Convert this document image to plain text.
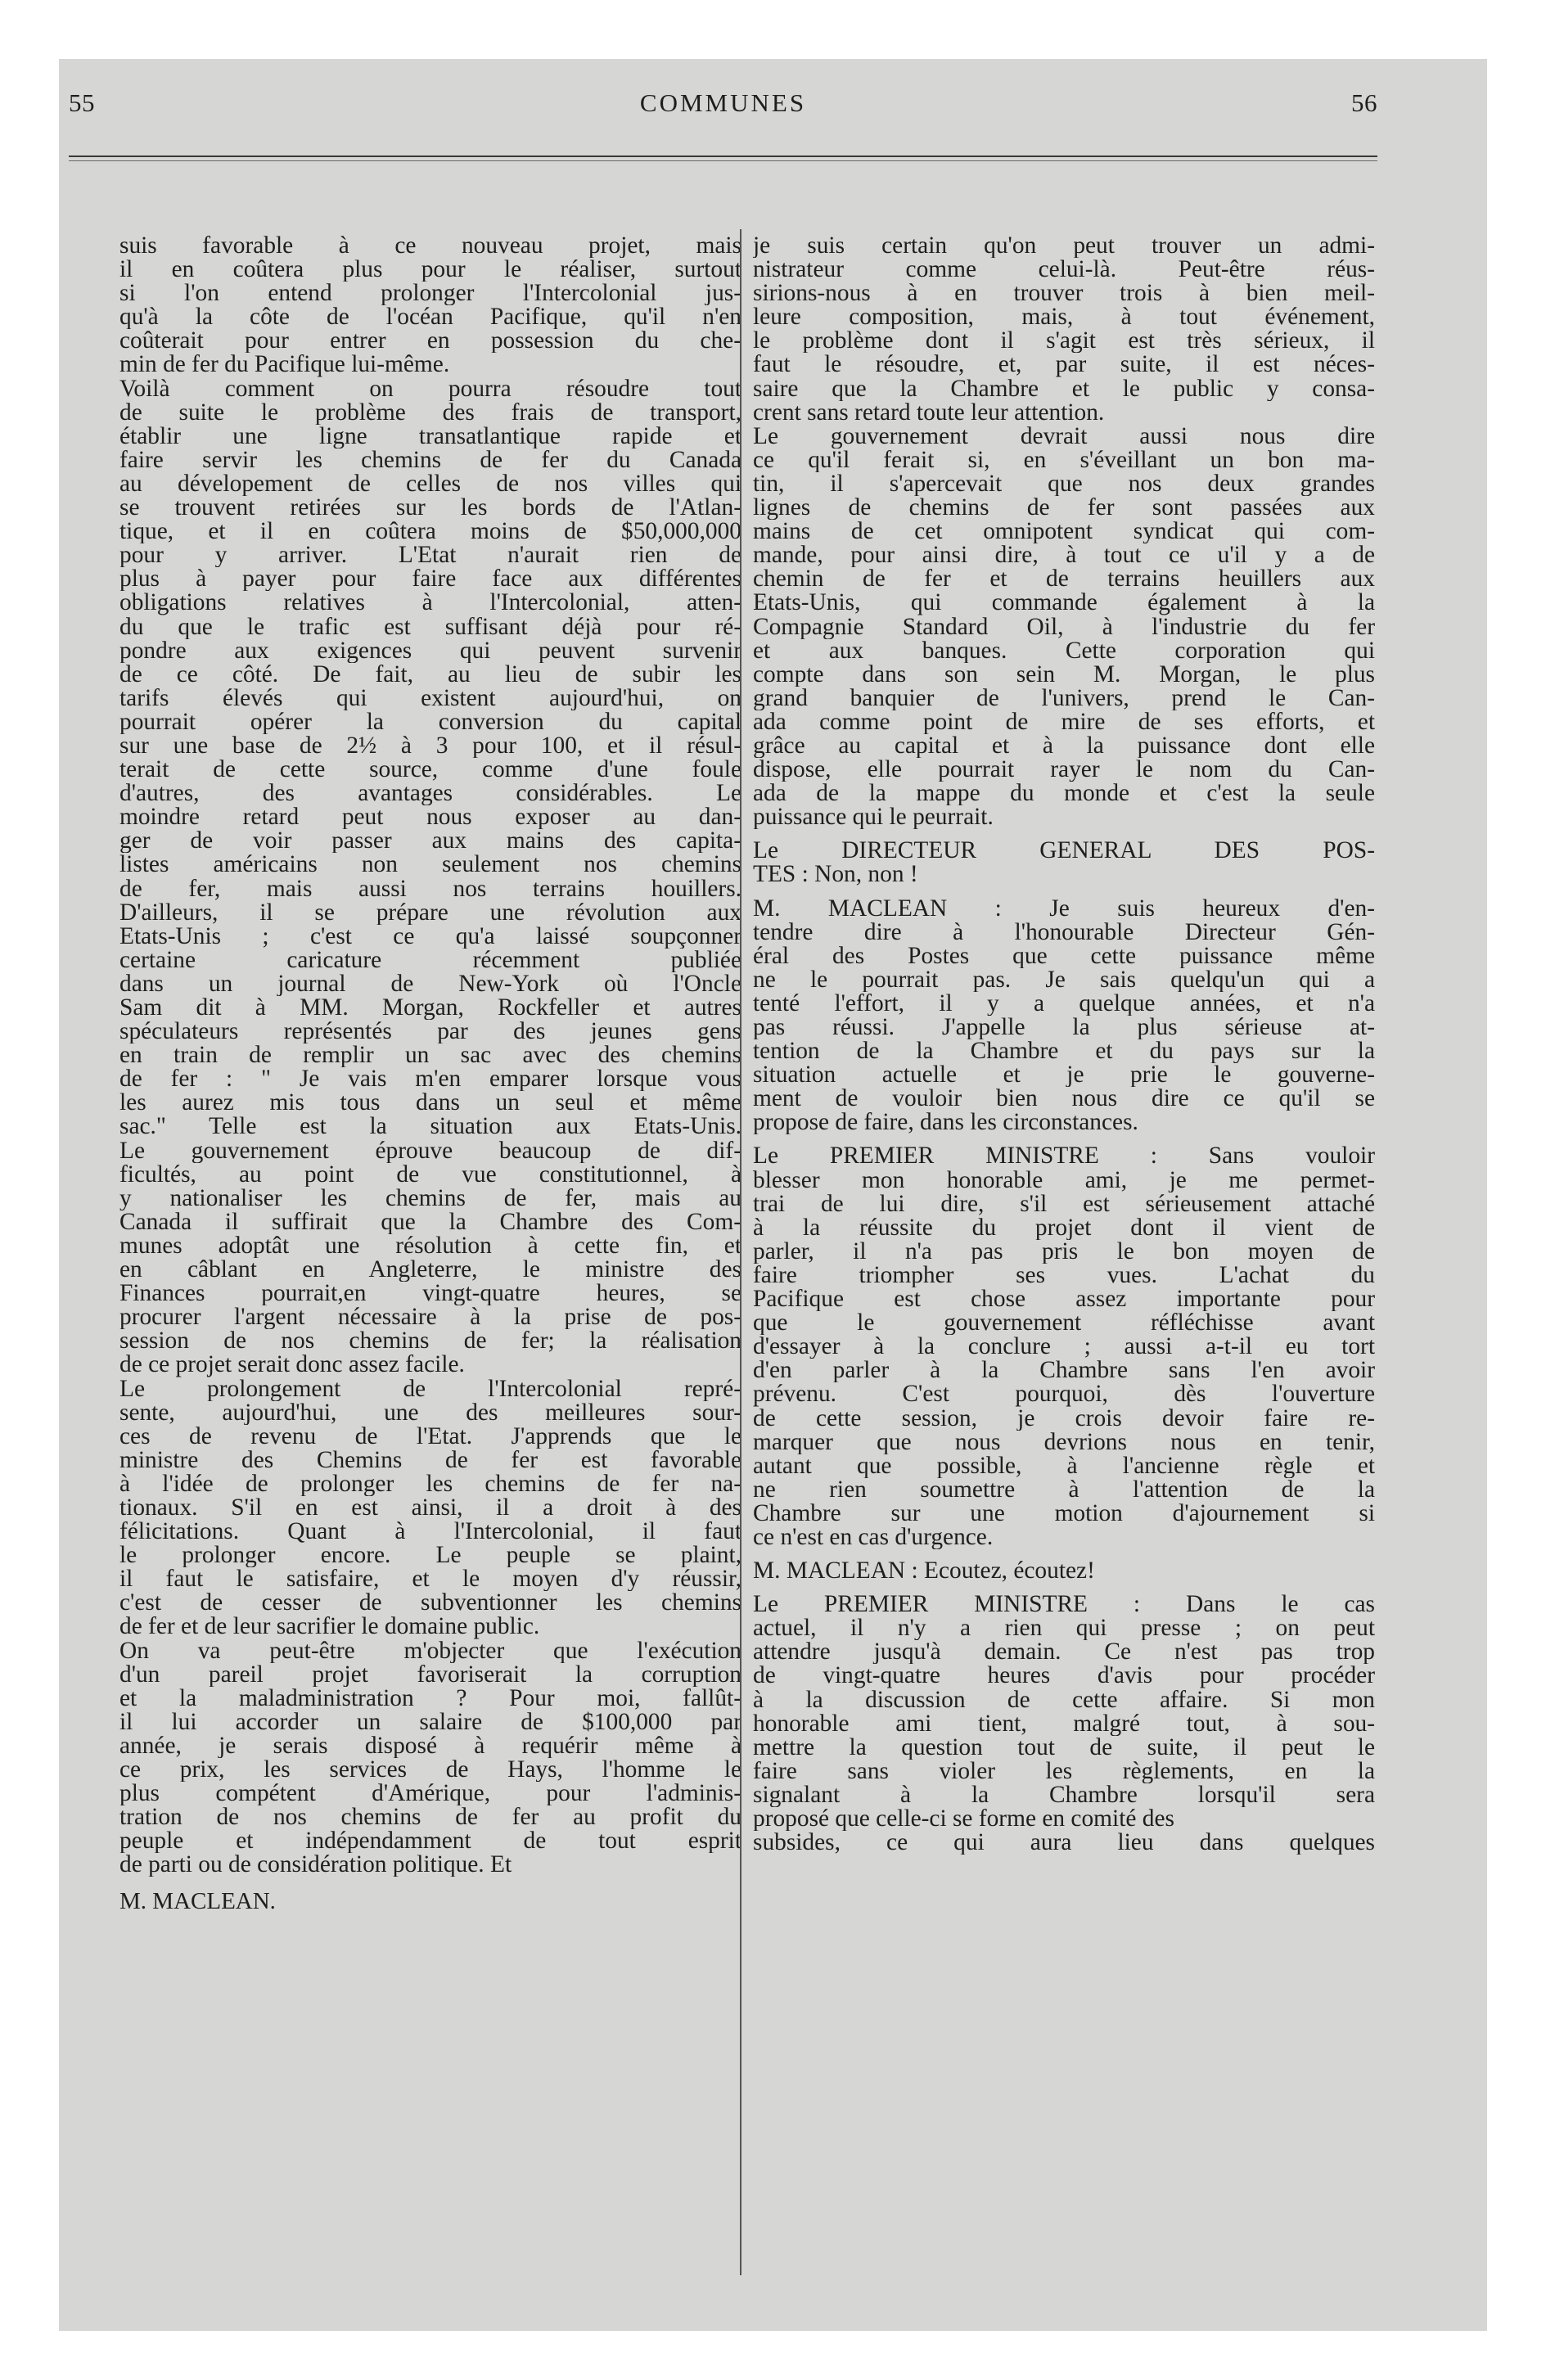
55	COMMUNES	56
suis favorable à ce nouveau projet, mais
il en coûtera plus pour le réaliser, surtout
si l'on entend prolonger l'Intercolonial jus-
qu'à la côte de l'océan Pacifique, qu'il n'en
coûterait pour entrer en possession du che-
min de fer du Pacifique lui-même.
Voilà comment on pourra résoudre tout
de suite le problème des frais de transport,
établir une ligne transatlantique rapide et
faire servir les chemins de fer du Canada
au dévelopement de celles de nos villes qui
se trouvent retirées sur les bords de l'Atlan-
tique, et il en coûtera moins de $50,000,000
pour y arriver. L'Etat n'aurait rien de
plus à payer pour faire face aux différentes
obligations relatives à l'Intercolonial, atten-
du que le trafic est suffisant déjà pour ré-
pondre aux exigences qui peuvent survenir
de ce côté. De fait, au lieu de subir les
tarifs élevés qui existent aujourd'hui, on
pourrait opérer la conversion du capital
sur une base de 2½ à 3 pour 100, et il résul-
terait de cette source, comme d'une foule
d'autres, des avantages considérables. Le
moindre retard peut nous exposer au dan-
ger de voir passer aux mains des capita-
listes américains non seulement nos chemins
de fer, mais aussi nos terrains houillers.
D'ailleurs, il se prépare une révolution aux
Etats-Unis ; c'est ce qu'a laissé soupçonner
certaine caricature récemment publiée
dans un journal de New-York où l'Oncle
Sam dit à MM. Morgan, Rockfeller et autres
spéculateurs représentés par des jeunes gens
en train de remplir un sac avec des chemins
de fer : " Je vais m'en emparer lorsque vous
les aurez mis tous dans un seul et même
sac." Telle est la situation aux Etats-Unis.
Le gouvernement éprouve beaucoup de dif-
ficultés, au point de vue constitutionnel, à
y nationaliser les chemins de fer, mais au
Canada il suffirait que la Chambre des Com-
munes adoptât une résolution à cette fin, et
en câblant en Angleterre, le ministre des
Finances pourrait,en vingt-quatre heures, se
procurer l'argent nécessaire à la prise de pos-
session de nos chemins de fer; la réalisation
de ce projet serait donc assez facile.
Le prolongement de l'Intercolonial repré-
sente, aujourd'hui, une des meilleures sour-
ces de revenu de l'Etat. J'apprends que le
ministre des Chemins de fer est favorable
à l'idée de prolonger les chemins de fer na-
tionaux. S'il en est ainsi, il a droit à des
félicitations. Quant à l'Intercolonial, il faut
le prolonger encore. Le peuple se plaint,
il faut le satisfaire, et le moyen d'y réussir,
c'est de cesser de subventionner les chemins
de fer et de leur sacrifier le domaine public.
On va peut-être m'objecter que l'exécution
d'un pareil projet favoriserait la corruption
et la maladministration ? Pour moi, fallût-
il lui accorder un salaire de $100,000 par
année, je serais disposé à requérir même à
ce prix, les services de Hays, l'homme le
plus compétent d'Amérique, pour l'adminis-
tration de nos chemins de fer au profit du
peuple et indépendamment de tout esprit
de parti ou de considération politique. Et
je suis certain qu'on peut trouver un admi-
nistrateur comme celui-là. Peut-être réus-
sirions-nous à en trouver trois à bien meil-
leure composition, mais, à tout événement,
le problème dont il s'agit est très sérieux, il
faut le résoudre, et, par suite, il est néces-
saire que la Chambre et le public y consa-
crent sans retard toute leur attention.
Le gouvernement devrait aussi nous dire
ce qu'il ferait si, en s'éveillant un bon ma-
tin, il s'apercevait que nos deux grandes
lignes de chemins de fer sont passées aux
mains de cet omnipotent syndicat qui com-
mande, pour ainsi dire, à tout ce u'il y a de
chemin de fer et de terrains heuillers aux
Etats-Unis, qui commande également à la
Compagnie Standard Oil, à l'industrie du fer
et aux banques. Cette corporation qui
compte dans son sein M. Morgan, le plus
grand banquier de l'univers, prend le Can-
ada comme point de mire de ses efforts, et
grâce au capital et à la puissance dont elle
dispose, elle pourrait rayer le nom du Can-
ada de la mappe du monde et c'est la seule
puissance qui le peurrait.
Le DIRECTEUR GENERAL DES POS-
TES : Non, non !
M. MACLEAN : Je suis heureux d'en-
tendre dire à l'honourable Directeur Gén-
éral des Postes que cette puissance même
ne le pourrait pas. Je sais quelqu'un qui a
tenté l'effort, il y a quelque années, et n'a
pas réussi. J'appelle la plus sérieuse at-
tention de la Chambre et du pays sur la
situation actuelle et je prie le gouverne-
ment de vouloir bien nous dire ce qu'il se
propose de faire, dans les circonstances.
Le PREMIER MINISTRE : Sans vouloir
blesser mon honorable ami, je me permet-
trai de lui dire, s'il est sérieusement attaché
à la réussite du projet dont il vient de
parler, il n'a pas pris le bon moyen de
faire triompher ses vues. L'achat du
Pacifique est chose assez importante pour
que le gouvernement réfléchisse avant
d'essayer à la conclure ; aussi a-t-il eu tort
d'en parler à la Chambre sans l'en avoir
prévenu. C'est pourquoi, dès l'ouverture
de cette session, je crois devoir faire re-
marquer que nous devrions nous en tenir,
autant que possible, à l'ancienne règle et
ne rien soumettre à l'attention de la
Chambre sur une motion d'ajournement si
ce n'est en cas d'urgence.
M. MACLEAN : Ecoutez, écoutez!
Le PREMIER MINISTRE : Dans le cas
actuel, il n'y a rien qui presse ; on peut
attendre jusqu'à demain. Ce n'est pas trop
de vingt-quatre heures d'avis pour procéder
à la discussion de cette affaire. Si mon
honorable ami tient, malgré tout, à sou-
mettre la question tout de suite, il peut le
faire sans violer les règlements, en la
signalant à la Chambre lorsqu'il sera
proposé que celle-ci se forme en comité des
subsides, ce qui aura lieu dans quelques
M. MACLEAN.
